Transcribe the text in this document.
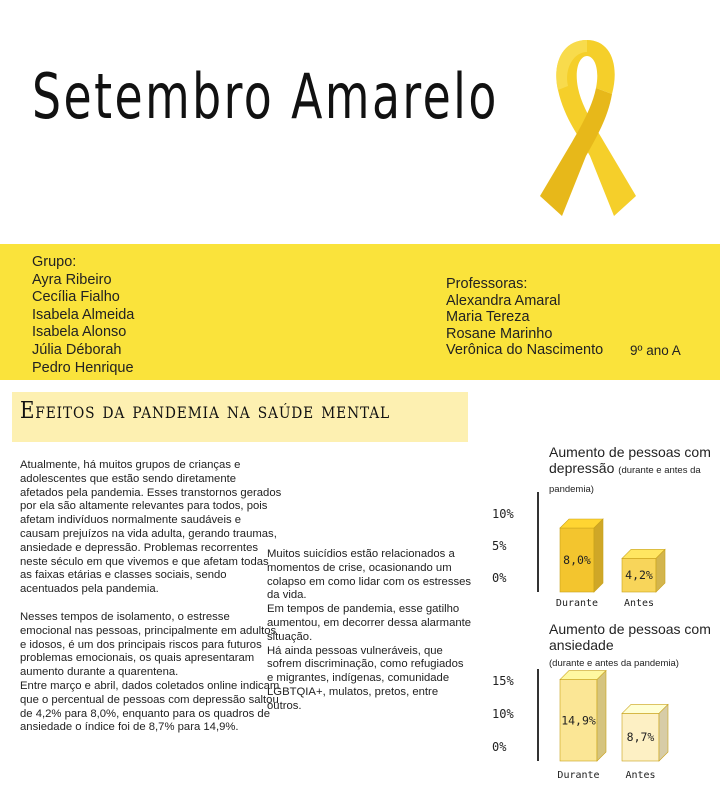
Setembro Amarelo
Grupo:
Ayra Ribeiro
Cecília Fialho
Isabela Almeida
Isabela Alonso
Júlia Déborah
Pedro Henrique
Professoras:
Alexandra Amaral
Maria Tereza
Rosane Marinho
Verônica do Nascimento 9º ano A
Efeitos da pandemia na saúde mental

Atualmente, há muitos grupos de crianças e adolescentes que estão sendo diretamente afetados pela pandemia. Esses transtornos gerados por ela são altamente relevantes para todos, pois afetam indivíduos normalmente saudáveis e causam prejuízos na vida adulta, gerando traumas, ansiedade e depressão. Problemas recorrentes neste século em que vivemos e que afetam todas as faixas etárias e classes sociais, sendo acentuados pela pandemia.

Nesses tempos de isolamento, o estresse emocional nas pessoas, principalmente em adultos e idosos, é um dos principais riscos para futuros problemas emocionais, os quais apresentaram aumento durante a quarentena.

Entre março e abril, dados coletados online indicam que o percentual de pessoas com depressão saltou de 4,2% para 8,0%, enquanto para os quadros de ansiedade o índice foi de 8,7% para 14,9%.

Muitos suicídios estão relacionados a momentos de crise, ocasionando um colapso em como lidar com os estresses da vida.
Em tempos de pandemia, esse gatilho aumentou, em decorrer dessa alarmante situação.
Há ainda pessoas vulneráveis, que sofrem discriminação, como refugiados e migrantes, indígenas, comunidade LGBTQIA+, mulatos, pretos, entre outros.
Aumento de pessoas com depressão (durante e antes da pandemia)
0%
5%
10%
8,0%
Durante
4,2%
Antes
Aumento de pessoas com ansiedade
(durante e antes da pandemia)
0%
10%
15%
14,9%
Durante
8,7%
Antes
